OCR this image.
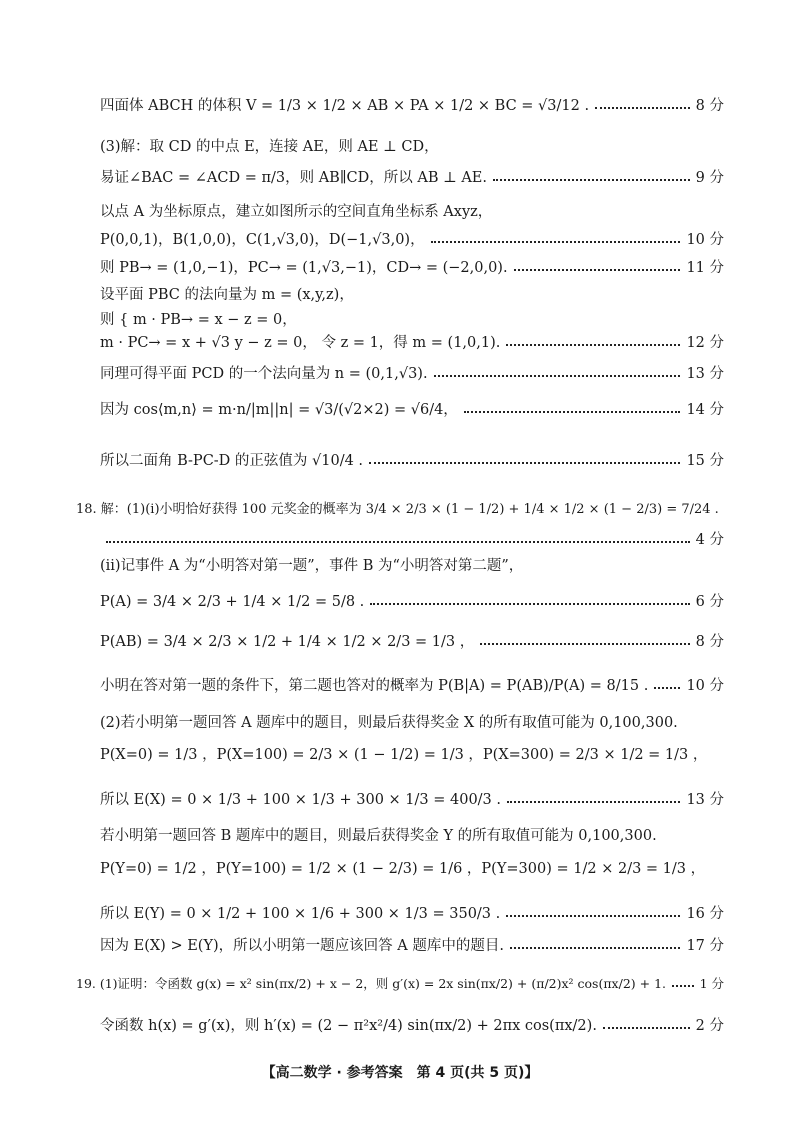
四面体 ABCH 的体积 V = 1/3 × 1/2 × AB × PA × 1/2 × BC = √3/12 .	8 分
(3)解：取 CD 的中点 E，连接 AE，则 AE ⊥ CD，
易证∠BAC = ∠ACD = π/3，则 AB∥CD，所以 AB ⊥ AE.	9 分
以点 A 为坐标原点，建立如图所示的空间直角坐标系 Axyz，
P(0,0,1)，B(1,0,0)，C(1,√3,0)，D(−1,√3,0)，	10 分
则 PB→ = (1,0,−1)，PC→ = (1,√3,−1)，CD→ = (−2,0,0).	11 分
设平面 PBC 的法向量为 m = (x,y,z)，
则 { m · PB→ = x − z = 0，
m · PC→ = x + √3 y − z = 0， 令 z = 1，得 m = (1,0,1).	12 分
同理可得平面 PCD 的一个法向量为 n = (0,1,√3).	13 分
因为 cos⟨m,n⟩ = m·n/|m||n| = √3/(√2×2) = √6/4，	14 分
所以二面角 B-PC-D 的正弦值为 √10/4 .	15 分
18. 解：(1)(ⅰ)小明恰好获得 100 元奖金的概率为 3/4 × 2/3 × (1 − 1/2) + 1/4 × 1/2 × (1 − 2/3) = 7/24 .
4 分
(ⅱ)记事件 A 为“小明答对第一题”，事件 B 为“小明答对第二题”，
P(A) = 3/4 × 2/3 + 1/4 × 1/2 = 5/8 .	6 分
P(AB) = 3/4 × 2/3 × 1/2 + 1/4 × 1/2 × 2/3 = 1/3 ，	8 分
小明在答对第一题的条件下，第二题也答对的概率为 P(B|A) = P(AB)/P(A) = 8/15 .	10 分
(2)若小明第一题回答 A 题库中的题目，则最后获得奖金 X 的所有取值可能为 0,100,300.
P(X=0) = 1/3 ，P(X=100) = 2/3 × (1 − 1/2) = 1/3 ，P(X=300) = 2/3 × 1/2 = 1/3 ，
所以 E(X) = 0 × 1/3 + 100 × 1/3 + 300 × 1/3 = 400/3 .	13 分
若小明第一题回答 B 题库中的题目，则最后获得奖金 Y 的所有取值可能为 0,100,300.
P(Y=0) = 1/2 ，P(Y=100) = 1/2 × (1 − 2/3) = 1/6 ，P(Y=300) = 1/2 × 2/3 = 1/3 ，
所以 E(Y) = 0 × 1/2 + 100 × 1/6 + 300 × 1/3 = 350/3 .	16 分
因为 E(X) > E(Y)，所以小明第一题应该回答 A 题库中的题目.	17 分
19. (1)证明：令函数 g(x) = x² sin(πx/2) + x − 2，则 g′(x) = 2x sin(πx/2) + (π/2)x² cos(πx/2) + 1.	1 分
令函数 h(x) = g′(x)，则 h′(x) = (2 − π²x²/4) sin(πx/2) + 2πx cos(πx/2).	2 分
【高二数学 · 参考答案　第 4 页(共 5 页)】
